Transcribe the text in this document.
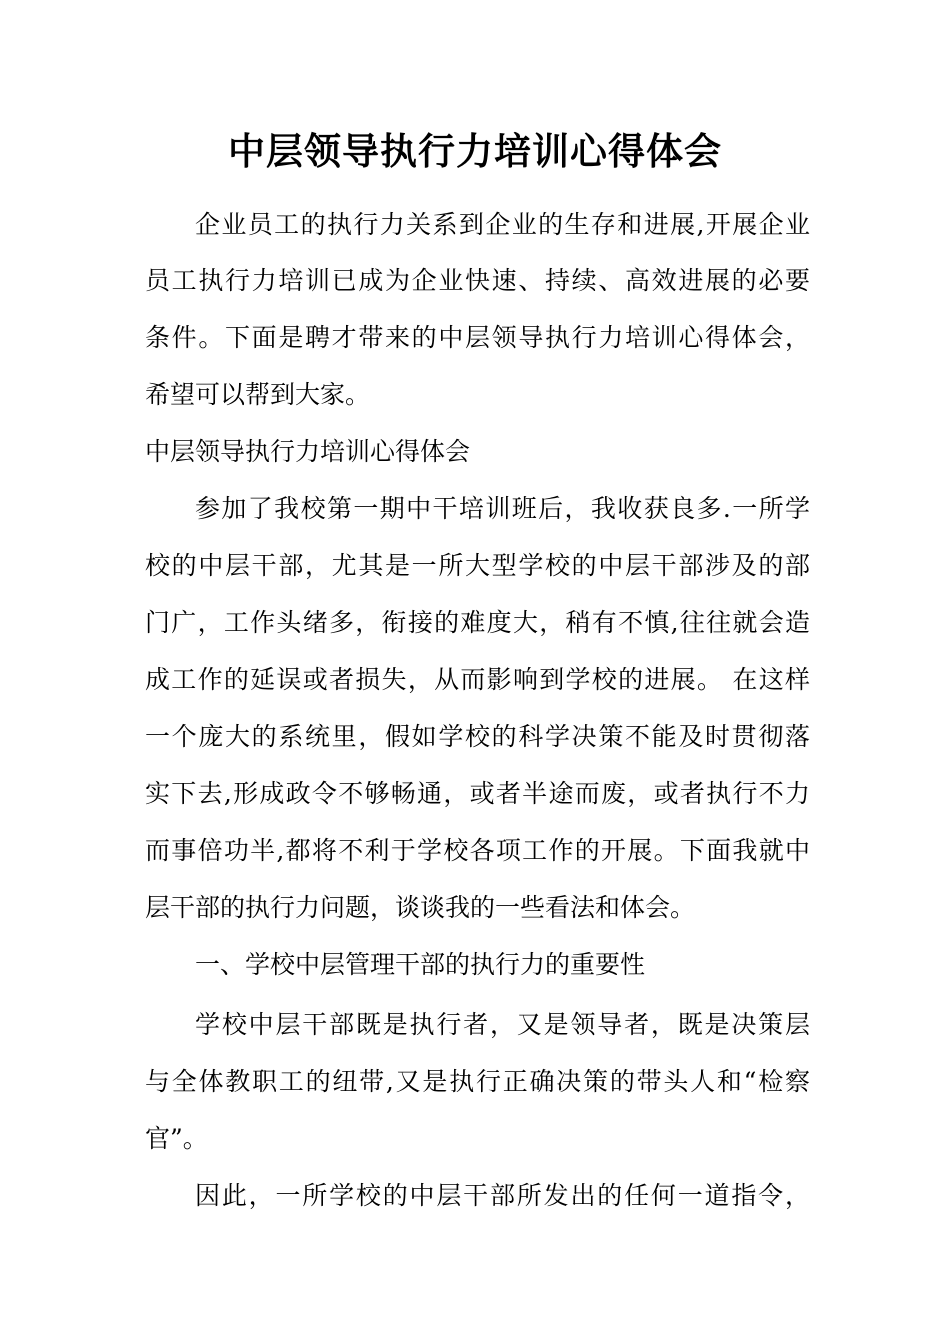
中层领导执行力培训心得体会
企业员工的执行力关系到企业的生存和进展,开展企业
员工执行力培训已成为企业快速、持续、高效进展的必要
条件。下面是聘才带来的中层领导执行力培训心得体会，
希望可以帮到大家。
中层领导执行力培训心得体会
参加了我校第一期中干培训班后，我收获良多.一所学
校的中层干部，尤其是一所大型学校的中层干部涉及的部
门广，工作头绪多，衔接的难度大，稍有不慎,往往就会造
成工作的延误或者损失，从而影响到学校的进展。 在这样
一个庞大的系统里，假如学校的科学决策不能及时贯彻落
实下去,形成政令不够畅通，或者半途而废，或者执行不力
而事倍功半,都将不利于学校各项工作的开展。下面我就中
层干部的执行力问题，谈谈我的一些看法和体会。
一、学校中层管理干部的执行力的重要性
学校中层干部既是执行者，又是领导者，既是决策层
与全体教职工的纽带,又是执行正确决策的带头人和“检察
官”。
因此，一所学校的中层干部所发出的任何一道指令，
